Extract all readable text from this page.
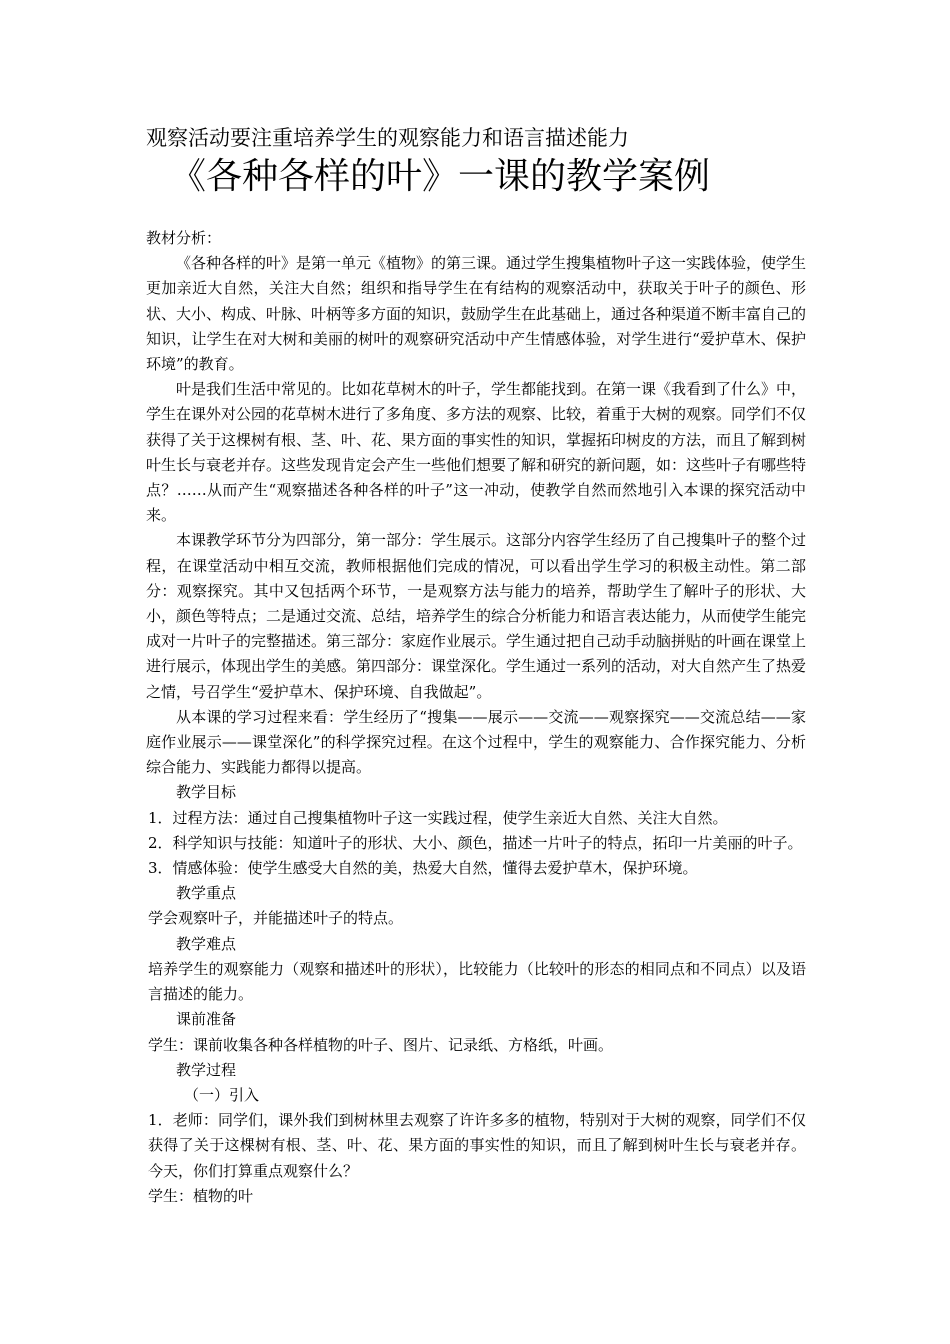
观察活动要注重培养学生的观察能力和语言描述能力
《各种各样的叶》一课的教学案例

教材分析：

《各种各样的叶》是第一单元《植物》的第三课。通过学生搜集植物叶子这一实践体验，使学生更加亲近大自然，关注大自然；组织和指导学生在有结构的观察活动中，获取关于叶子的颜色、形状、大小、构成、叶脉、叶柄等多方面的知识，鼓励学生在此基础上，通过各种渠道不断丰富自己的知识，让学生在对大树和美丽的树叶的观察研究活动中产生情感体验，对学生进行“爱护草木、保护环境”的教育。

叶是我们生活中常见的。比如花草树木的叶子，学生都能找到。在第一课《我看到了什么》中，学生在课外对公园的花草树木进行了多角度、多方法的观察、比较，着重于大树的观察。同学们不仅获得了关于这棵树有根、茎、叶、花、果方面的事实性的知识，掌握拓印树皮的方法，而且了解到树叶生长与衰老并存。这些发现肯定会产生一些他们想要了解和研究的新问题，如：这些叶子有哪些特点？……从而产生“观察描述各种各样的叶子”这一冲动，使教学自然而然地引入本课的探究活动中来。

本课教学环节分为四部分，第一部分：学生展示。这部分内容学生经历了自己搜集叶子的整个过程，在课堂活动中相互交流，教师根据他们完成的情况，可以看出学生学习的积极主动性。第二部分：观察探究。其中又包括两个环节，一是观察方法与能力的培养，帮助学生了解叶子的形状、大小，颜色等特点；二是通过交流、总结，培养学生的综合分析能力和语言表达能力，从而使学生能完成对一片叶子的完整描述。第三部分：家庭作业展示。学生通过把自己动手动脑拼贴的叶画在课堂上进行展示，体现出学生的美感。第四部分：课堂深化。学生通过一系列的活动，对大自然产生了热爱之情，号召学生“爱护草木、保护环境、自我做起”。

从本课的学习过程来看：学生经历了“搜集——展示——交流——观察探究——交流总结——家庭作业展示——课堂深化”的科学探究过程。在这个过程中，学生的观察能力、合作探究能力、分析综合能力、实践能力都得以提高。

教学目标

1．过程方法：通过自己搜集植物叶子这一实践过程，使学生亲近大自然、关注大自然。

2．科学知识与技能：知道叶子的形状、大小、颜色，描述一片叶子的特点，拓印一片美丽的叶子。

3．情感体验：使学生感受大自然的美，热爱大自然，懂得去爱护草木，保护环境。

教学重点

学会观察叶子，并能描述叶子的特点。

教学难点

培养学生的观察能力（观察和描述叶的形状），比较能力（比较叶的形态的相同点和不同点）以及语言描述的能力。

课前准备

学生：课前收集各种各样植物的叶子、图片、记录纸、方格纸，叶画。

教学过程

（一）引入

1．老师：同学们，课外我们到树林里去观察了许许多多的植物，特别对于大树的观察，同学们不仅获得了关于这棵树有根、茎、叶、花、果方面的事实性的知识，而且了解到树叶生长与衰老并存。今天，你们打算重点观察什么？

学生：植物的叶
